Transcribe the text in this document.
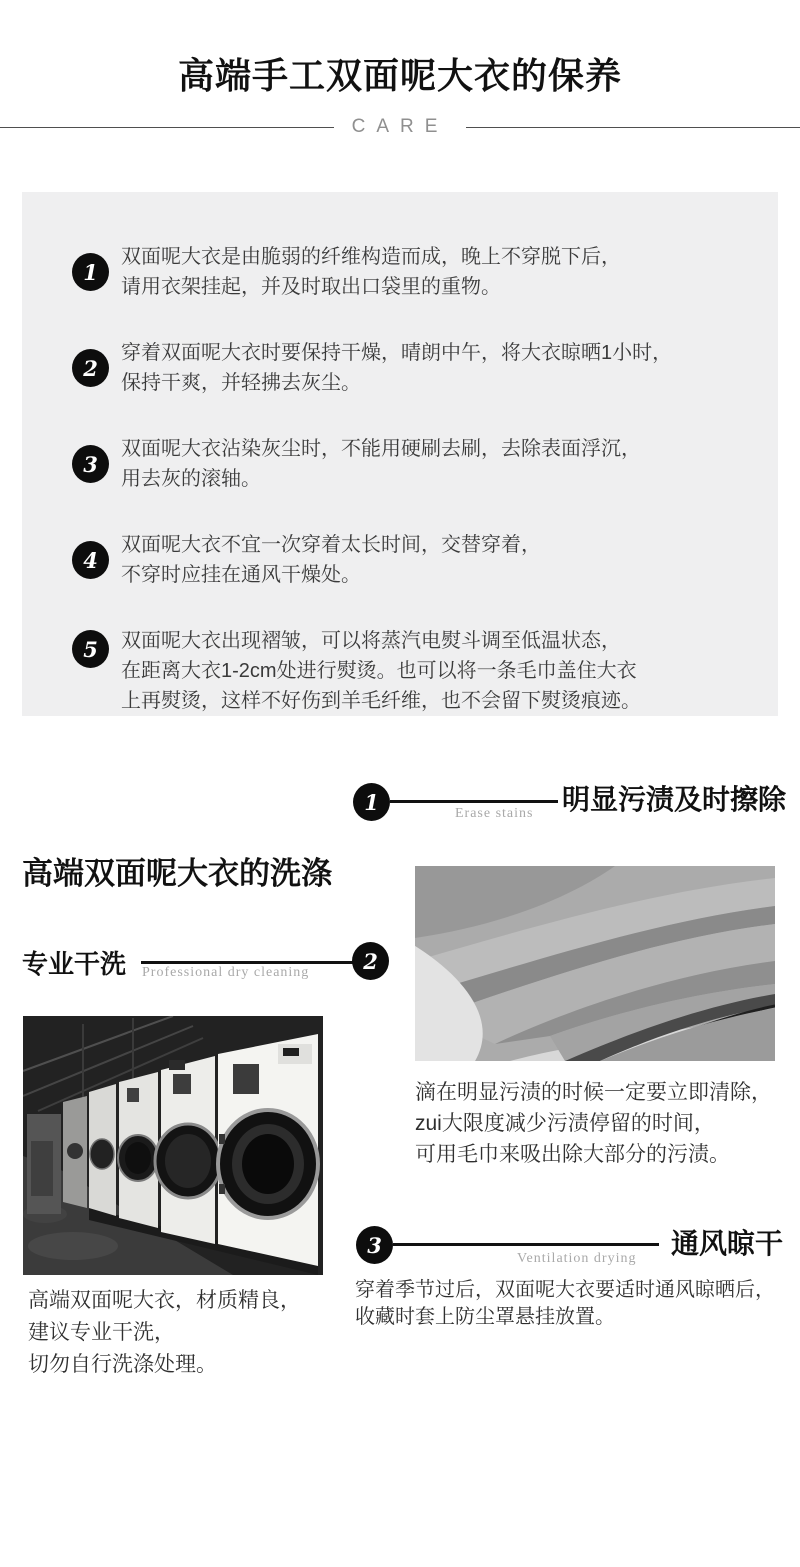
高端手工双面呢大衣的保养
CARE
1

双面呢大衣是由脆弱的纤维构造而成，晚上不穿脱下后，
请用衣架挂起，并及时取出口袋里的重物。

2

穿着双面呢大衣时要保持干燥，晴朗中午，将大衣晾晒1小时，
保持干爽，并轻拂去灰尘。

3

双面呢大衣沾染灰尘时，不能用硬刷去刷，去除表面浮沉，
用去灰的滚轴。

4

双面呢大衣不宜一次穿着太长时间，交替穿着，
不穿时应挂在通风干燥处。

5 双面呢大衣出现褶皱，可以将蒸汽电熨斗调至低温状态，
在距离大衣1-2cm处进行熨烫。也可以将一条毛巾盖住大衣
上再熨烫，这样不好伤到羊毛纤维，也不会留下熨烫痕迹。

1	Erase stains 明显污渍及时擦除
高端双面呢大衣的洗涤
专业干洗	2
Professional dry cleaning

滴在明显污渍的时候一定要立即清除，
zui大限度减少污渍停留的时间，
可用毛巾来吸出除大部分的污渍。

高端双面呢大衣，材质精良，
建议专业干洗，
切勿自行洗涤处理。

3
Ventilation drying 通风晾干

穿着季节过后，双面呢大衣要适时通风晾晒后，
收藏时套上防尘罩悬挂放置。
